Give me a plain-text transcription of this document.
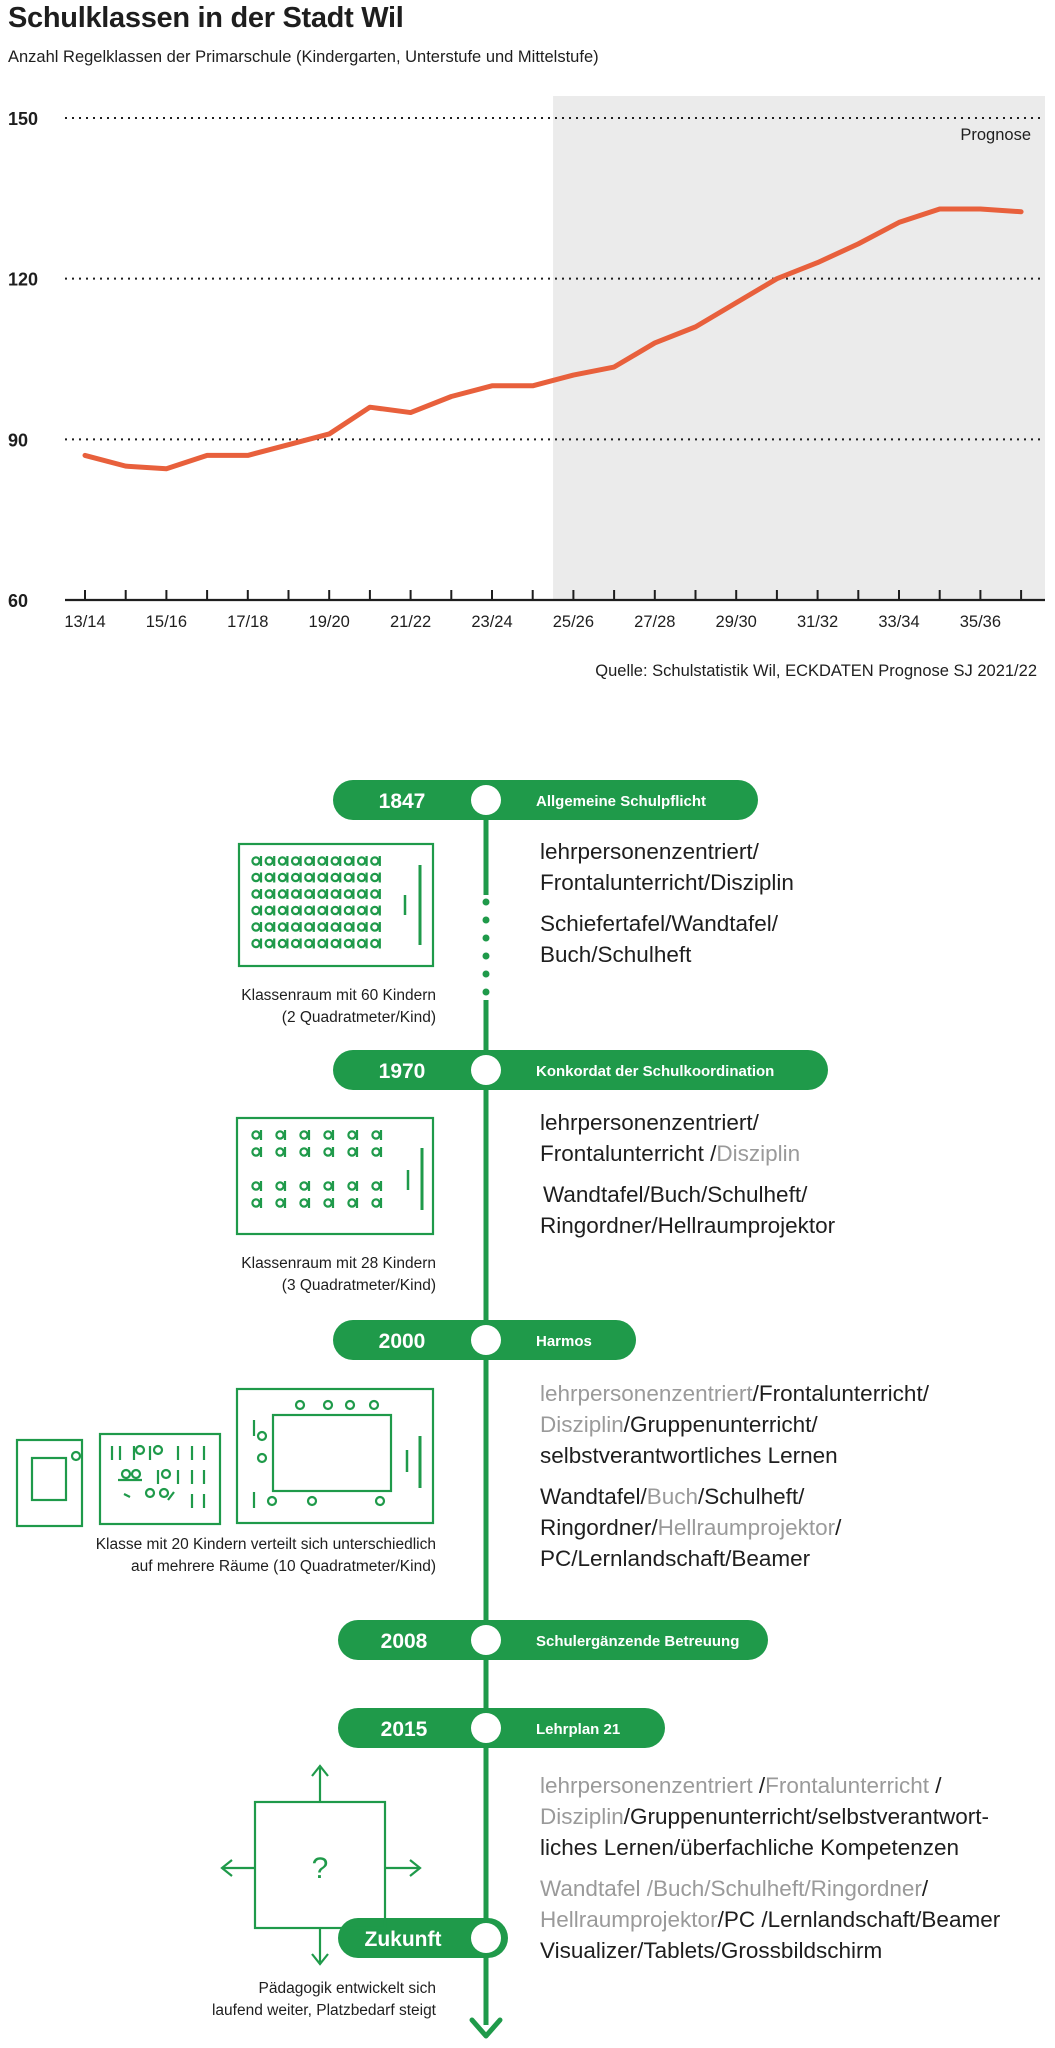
Schulklassen in der Stadt Wil
Anzahl Regelklassen der Primarschule (Kindergarten, Unterstufe und Mittelstufe)
Prognose
60
90
120
150
13/14 15/16 17/18 19/20 21/22 23/24 25/26 27/28 29/30 31/32 33/34 35/36
Quelle: Schulstatistik Wil, ECKDATEN Prognose SJ 2021/22
1847	Allgemeine Schulpflicht
1970	Konkordat der Schulkoordination
2000	Harmos
2008	Schulergänzende Betreuung
2015	Lehrplan 21
Zukunft
?
Klassenraum mit 60 Kindern
(2 Quadratmeter/Kind)
Klassenraum mit 28 Kindern
(3 Quadratmeter/Kind)
Klasse mit 20 Kindern verteilt sich unterschiedlich
auf mehrere Räume (10 Quadratmeter/Kind)
Pädagogik entwickelt sich
laufend weiter, Platzbedarf steigt
lehrpersonenzentriert/
Frontalunterricht/Disziplin
Schiefertafel/Wandtafel/
Buch/Schulheft
lehrpersonenzentriert/
Frontalunterricht /Disziplin
Wandtafel/Buch/Schulheft/
Ringordner/Hellraumprojektor
lehrpersonenzentriert/Frontalunterricht/
Disziplin/Gruppenunterricht/
selbstverantwortliches Lernen
Wandtafel/Buch/Schulheft/
Ringordner/Hellraumprojektor/
PC/Lernlandschaft/Beamer
lehrpersonenzentriert /Frontalunterricht /
Disziplin/Gruppenunterricht/selbstverantwort-
liches Lernen/überfachliche Kompetenzen
Wandtafel /Buch/Schulheft/Ringordner/
Hellraumprojektor/PC /Lernlandschaft/Beamer
Visualizer/Tablets/Grossbildschirm
